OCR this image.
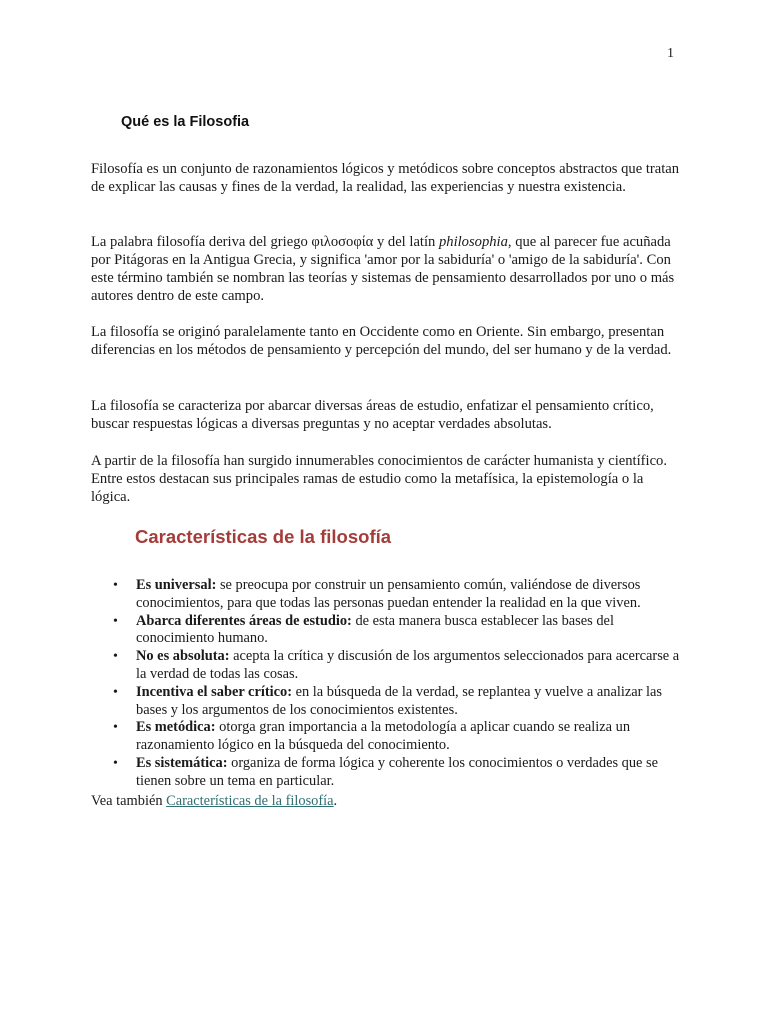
1
Qué es la Filosofia

Filosofía es un conjunto de razonamientos lógicos y metódicos sobre conceptos abstractos que tratan de explicar las causas y fines de la verdad, la realidad, las experiencias y nuestra existencia.

La palabra filosofía deriva del griego φιλοσοφία y del latín philosophia, que al parecer fue acuñada por Pitágoras en la Antigua Grecia, y significa 'amor por la sabiduría' o 'amigo de la sabiduría'. Con este término también se nombran las teorías y sistemas de pensamiento desarrollados por uno o más autores dentro de este campo.

La filosofía se originó paralelamente tanto en Occidente como en Oriente. Sin embargo, presentan diferencias en los métodos de pensamiento y percepción del mundo, del ser humano y de la verdad.

La filosofía se caracteriza por abarcar diversas áreas de estudio, enfatizar el pensamiento crítico, buscar respuestas lógicas a diversas preguntas y no aceptar verdades absolutas.

A partir de la filosofía han surgido innumerables conocimientos de carácter humanista y científico. Entre estos destacan sus principales ramas de estudio como la metafísica, la epistemología o la lógica.

Características de la filosofía
• Es universal: se preocupa por construir un pensamiento común, valiéndose de diversos conocimientos, para que todas las personas puedan entender la realidad en la que viven.
• Abarca diferentes áreas de estudio: de esta manera busca establecer las bases del conocimiento humano.
• No es absoluta: acepta la crítica y discusión de los argumentos seleccionados para acercarse a la verdad de todas las cosas.
• Incentiva el saber crítico: en la búsqueda de la verdad, se replantea y vuelve a analizar las bases y los argumentos de los conocimientos existentes.
• Es metódica: otorga gran importancia a la metodología a aplicar cuando se realiza un razonamiento lógico en la búsqueda del conocimiento.
• Es sistemática: organiza de forma lógica y coherente los conocimientos o verdades que se tienen sobre un tema en particular.

Vea también Características de la filosofía.
